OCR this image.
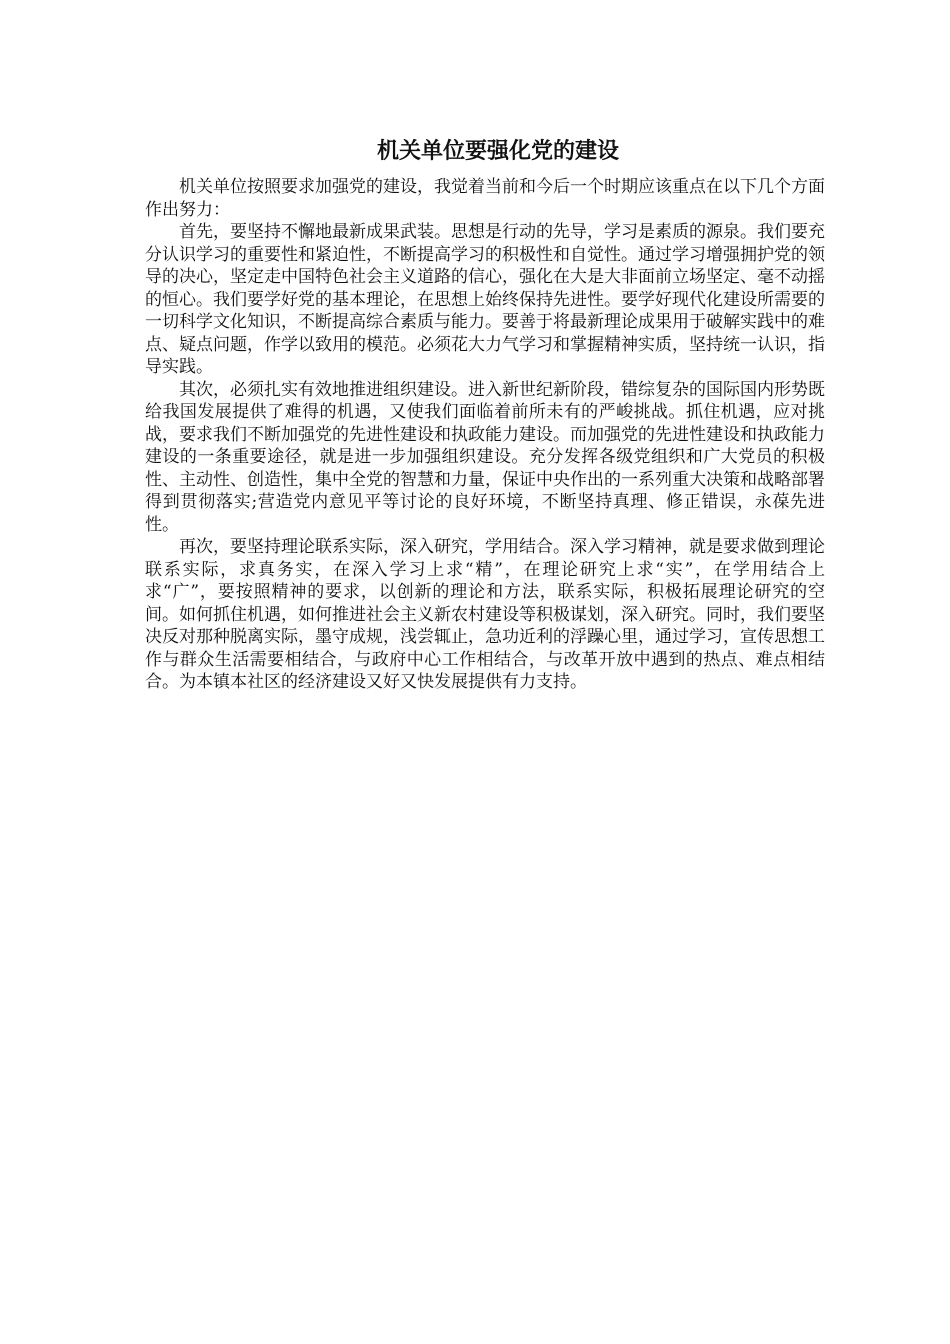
机关单位要强化党的建设

机关单位按照要求加强党的建设，我觉着当前和今后一个时期应该重点在以下几个方面作出努力：

首先，要坚持不懈地最新成果武装。思想是行动的先导，学习是素质的源泉。我们要充分认识学习的重要性和紧迫性，不断提高学习的积极性和自觉性。通过学习增强拥护党的领导的决心，坚定走中国特色社会主义道路的信心，强化在大是大非面前立场坚定、毫不动摇的恒心。我们要学好党的基本理论，在思想上始终保持先进性。要学好现代化建设所需要的一切科学文化知识，不断提高综合素质与能力。要善于将最新理论成果用于破解实践中的难点、疑点问题，作学以致用的模范。必须花大力气学习和掌握精神实质，坚持统一认识，指导实践。

其次，必须扎实有效地推进组织建设。进入新世纪新阶段，错综复杂的国际国内形势既给我国发展提供了难得的机遇，又使我们面临着前所未有的严峻挑战。抓住机遇，应对挑战，要求我们不断加强党的先进性建设和执政能力建设。而加强党的先进性建设和执政能力建设的一条重要途径，就是进一步加强组织建设。充分发挥各级党组织和广大党员的积极性、主动性、创造性，集中全党的智慧和力量，保证中央作出的一系列重大决策和战略部署得到贯彻落实;营造党内意见平等讨论的良好环境，不断坚持真理、修正错误，永葆先进性。

再次，要坚持理论联系实际，深入研究，学用结合。深入学习精神，就是要求做到理论联系实际，求真务实，在深入学习上求“精”，在理论研究上求“实”，在学用结合上求“广”，要按照精神的要求，以创新的理论和方法，联系实际，积极拓展理论研究的空间。如何抓住机遇，如何推进社会主义新农村建设等积极谋划，深入研究。同时，我们要坚决反对那种脱离实际，墨守成规，浅尝辄止，急功近利的浮躁心里，通过学习，宣传思想工作与群众生活需要相结合，与政府中心工作相结合，与改革开放中遇到的热点、难点相结合。为本镇本社区的经济建设又好又快发展提供有力支持。
